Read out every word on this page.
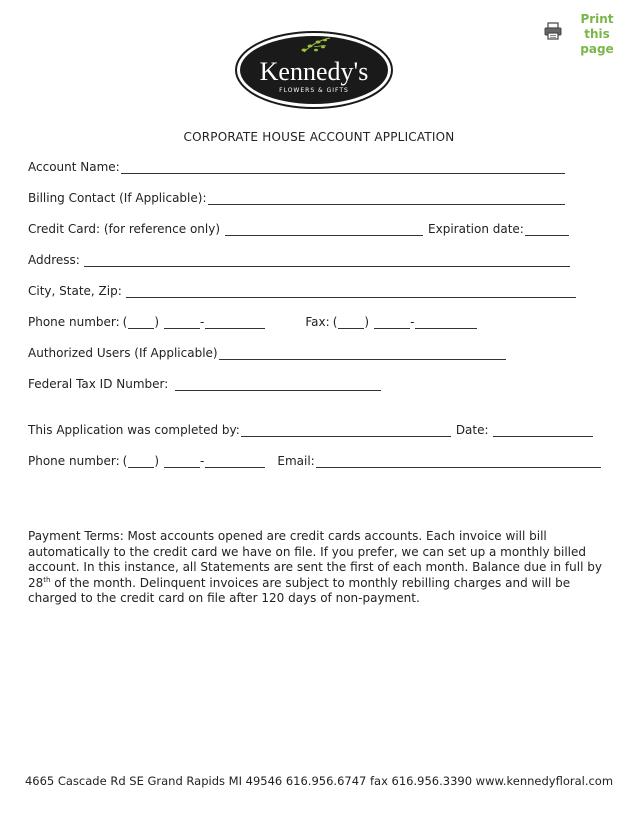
Print this
page
Kennedy's
FLOWERS & GIFTS
CORPORATE HOUSE ACCOUNT APPLICATION
Account Name:
Billing Contact (If Applicable):
Credit Card: (for reference only)	Expiration date:
Address:
City, State, Zip:
Phone number: ( )	-	Fax: ( )	-
Authorized Users (If Applicable)
Federal Tax ID Number:
This Application was completed by:	Date:
Phone number: ( )	-	Email:
Payment Terms: Most accounts opened are credit cards accounts. Each invoice will bill automatically to the credit card we have on file. If you prefer, we can set up a monthly billed account. In this instance, all Statements are sent the first of each month. Balance due in full by 28th of the month. Delinquent invoices are subject to monthly rebilling charges and will be charged to the credit card on file after 120 days of non-payment.
4665 Cascade Rd SE Grand Rapids MI 49546 616.956.6747 fax 616.956.3390 www.kennedyfloral.com
